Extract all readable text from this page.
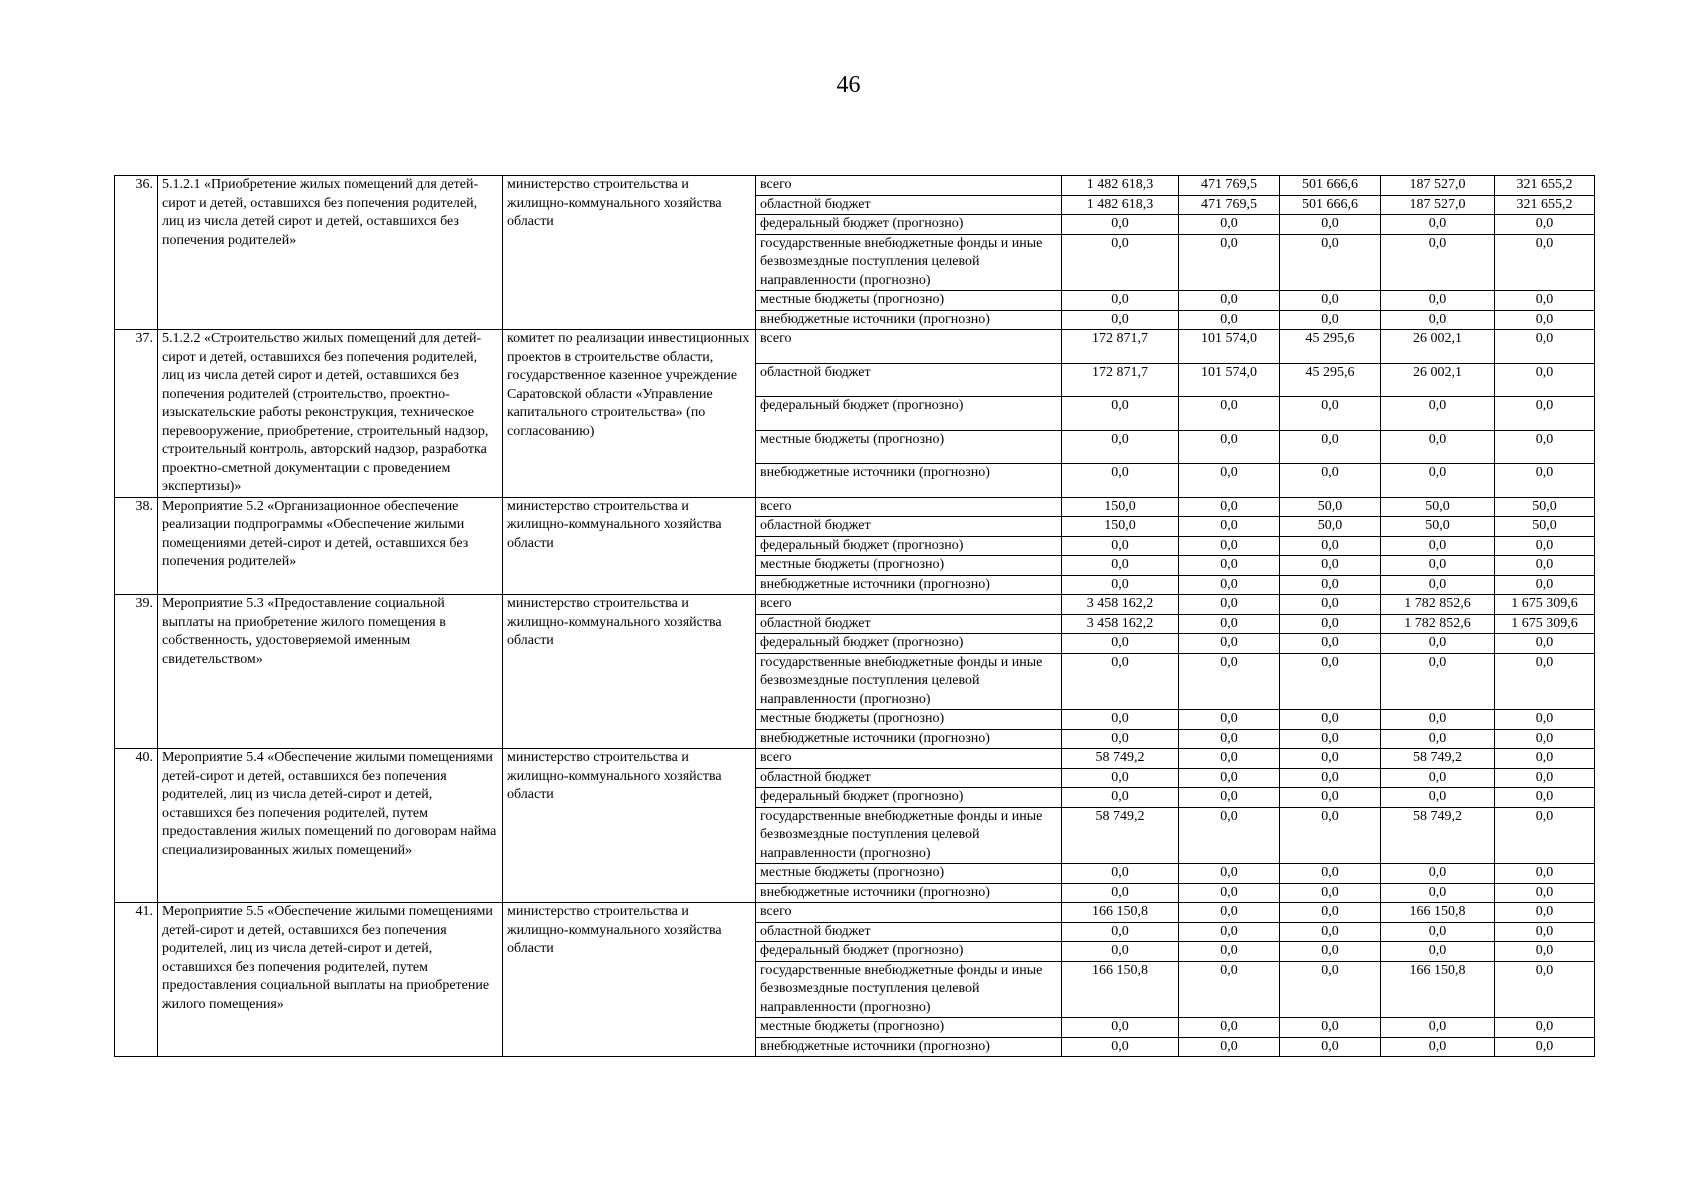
46
36.	5.1.2.1 «Приобретение жилых помещений для детей-сирот и детей, оставшихся без попечения родителей, лиц из числа детей сирот и детей, оставшихся без попечения родителей»	министерство строительства и жилищно-коммунального хозяйства области	всего	1 482 618,3	471 769,5	501 666,6	187 527,0	321 655,2
			областной бюджет	1 482 618,3	471 769,5	501 666,6	187 527,0	321 655,2
			федеральный бюджет (прогнозно)	0,0	0,0	0,0	0,0	0,0
			государственные внебюджетные фонды и иные безвозмездные поступления целевой направленности (прогнозно)	0,0	0,0	0,0	0,0	0,0
			местные бюджеты (прогнозно)	0,0	0,0	0,0	0,0	0,0
			внебюджетные источники (прогнозно)	0,0	0,0	0,0	0,0	0,0
37.	5.1.2.2 «Строительство жилых помещений для детей-сирот и детей, оставшихся без попечения родителей, лиц из числа детей сирот и детей, оставшихся без попечения родителей (строительство, проектно-изыскательские работы реконструкция, техническое перевооружение, приобретение, строительный надзор, строительный контроль, авторский надзор, разработка проектно-сметной документации с проведением экспертизы)»	комитет по реализации инвестиционных проектов в строительстве области, государственное казенное учреждение Саратовской области «Управление капитального строительства» (по согласованию)	всего	172 871,7	101 574,0	45 295,6	26 002,1	0,0
			областной бюджет	172 871,7	101 574,0	45 295,6	26 002,1	0,0
			федеральный бюджет (прогнозно)	0,0	0,0	0,0	0,0	0,0
			местные бюджеты (прогнозно)	0,0	0,0	0,0	0,0	0,0
			внебюджетные источники (прогнозно)	0,0	0,0	0,0	0,0	0,0
38.	Мероприятие 5.2 «Организационное обеспечение реализации подпрограммы «Обеспечение жилыми помещениями детей-сирот и детей, оставшихся без попечения родителей»	министерство строительства и жилищно-коммунального хозяйства области	всего	150,0	0,0	50,0	50,0	50,0
			областной бюджет	150,0	0,0	50,0	50,0	50,0
			федеральный бюджет (прогнозно)	0,0	0,0	0,0	0,0	0,0
			местные бюджеты (прогнозно)	0,0	0,0	0,0	0,0	0,0
			внебюджетные источники (прогнозно)	0,0	0,0	0,0	0,0	0,0
39.	Мероприятие 5.3 «Предоставление социальной выплаты на приобретение жилого помещения в собственность, удостоверяемой именным свидетельством»	министерство строительства и жилищно-коммунального хозяйства области	всего	3 458 162,2	0,0	0,0	1 782 852,6	1 675 309,6
			областной бюджет	3 458 162,2	0,0	0,0	1 782 852,6	1 675 309,6
			федеральный бюджет (прогнозно)	0,0	0,0	0,0	0,0	0,0
			государственные внебюджетные фонды и иные безвозмездные поступления целевой направленности (прогнозно)	0,0	0,0	0,0	0,0	0,0
			местные бюджеты (прогнозно)	0,0	0,0	0,0	0,0	0,0
			внебюджетные источники (прогнозно)	0,0	0,0	0,0	0,0	0,0
40.	Мероприятие 5.4 «Обеспечение жилыми помещениями детей-сирот и детей, оставшихся без попечения родителей, лиц из числа детей-сирот и детей, оставшихся без попечения родителей, путем предоставления жилых помещений по договорам найма специализированных жилых помещений»	министерство строительства и жилищно-коммунального хозяйства области	всего	58 749,2	0,0	0,0	58 749,2	0,0
			областной бюджет	0,0	0,0	0,0	0,0	0,0
			федеральный бюджет (прогнозно)	0,0	0,0	0,0	0,0	0,0
			государственные внебюджетные фонды и иные безвозмездные поступления целевой направленности (прогнозно)	58 749,2	0,0	0,0	58 749,2	0,0
			местные бюджеты (прогнозно)	0,0	0,0	0,0	0,0	0,0
			внебюджетные источники (прогнозно)	0,0	0,0	0,0	0,0	0,0
41.	Мероприятие 5.5 «Обеспечение жилыми помещениями детей-сирот и детей, оставшихся без попечения родителей, лиц из числа детей-сирот и детей, оставшихся без попечения родителей, путем предоставления социальной выплаты на приобретение жилого помещения»	министерство строительства и жилищно-коммунального хозяйства области	всего	166 150,8	0,0	0,0	166 150,8	0,0
			областной бюджет	0,0	0,0	0,0	0,0	0,0
			федеральный бюджет (прогнозно)	0,0	0,0	0,0	0,0	0,0
			государственные внебюджетные фонды и иные безвозмездные поступления целевой направленности (прогнозно)	166 150,8	0,0	0,0	166 150,8	0,0
			местные бюджеты (прогнозно)	0,0	0,0	0,0	0,0	0,0
			внебюджетные источники (прогнозно)	0,0	0,0	0,0	0,0	0,0
